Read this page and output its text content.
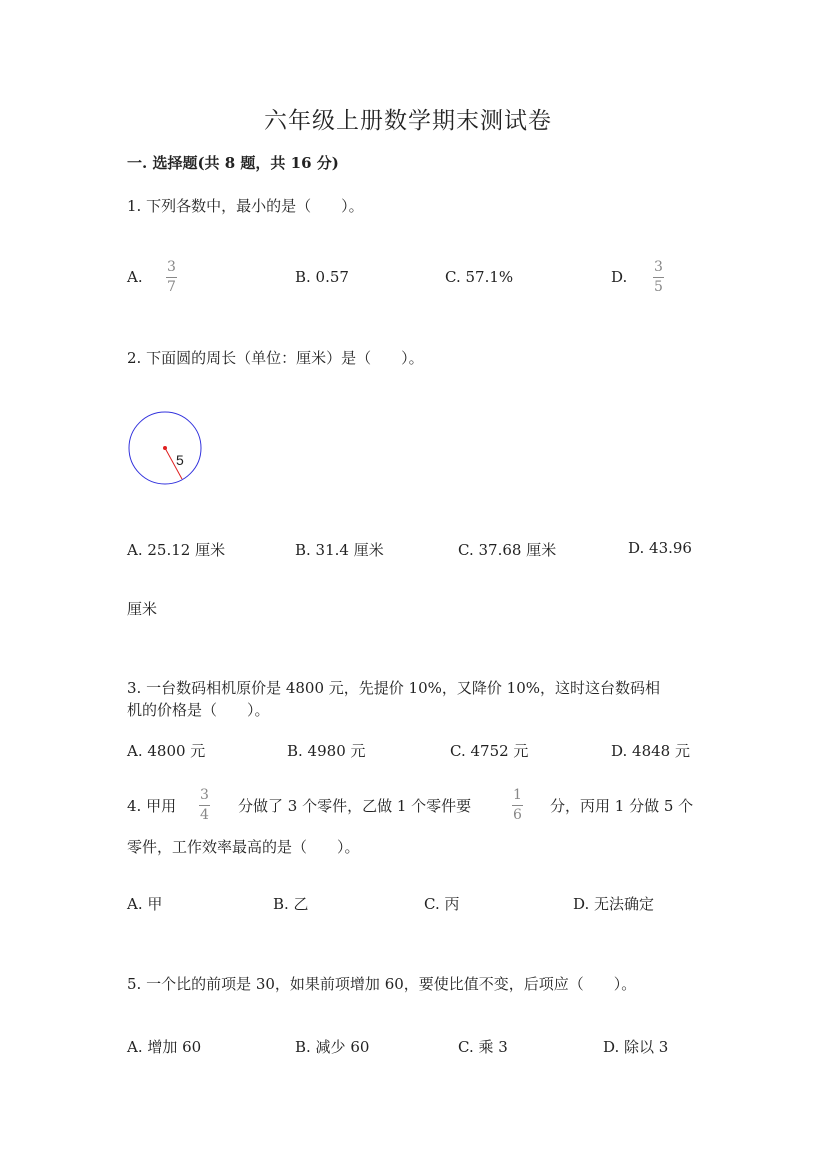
六年级上册数学期末测试卷
一. 选择题(共 8 题，共 16 分)
1. 下列各数中，最小的是（　　）。
A.
3
7
B. 0.57	C. 57.1%	D.
3
5
2. 下面圆的周长（单位：厘米）是（　　）。
5
A. 25.12 厘米	B. 31.4 厘米	C. 37.68 厘米	D. 43.96
厘米
3. 一台数码相机原价是 4800 元，先提价 10%，又降价 10%，这时这台数码相
机的价格是（　　）。
A. 4800 元	B. 4980 元	C. 4752 元	D. 4848 元
4. 甲用
3
4 分做了 3 个零件，乙做 1 个零件要
1
6 分，丙用 1 分做 5 个
零件，工作效率最高的是（　　）。
A. 甲	B. 乙	C. 丙	D. 无法确定
5. 一个比的前项是 30，如果前项增加 60，要使比值不变，后项应（　　）。
A. 增加 60	B. 减少 60	C. 乘 3	D. 除以 3
